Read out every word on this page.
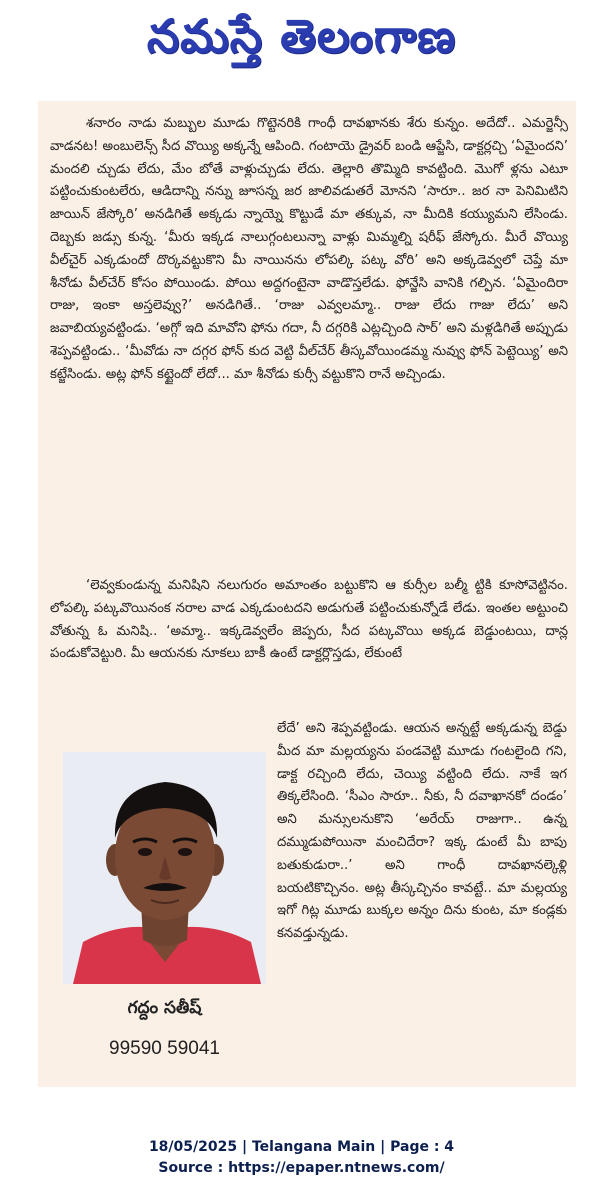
నమస్తే తెలంగాణ

శనారం నాడు మబ్బుల మూడు గొట్టెనరికి గాంధీ దావఖానకు శేరు కున్నం. అదేదో.. ఎమర్జెన్సీ వాడనట! అంబులెన్స్ సీద వొయ్యి అక్కన్నే ఆపింది. గంటాయె డ్రైవర్ బండి ఆప్జేసి, డాక్టర్లచ్చి ‘ఏమైందని’ మందలి చ్చుడు లేదు, మేం బోతే వాళ్లుచ్చుడు లేదు. తెల్లారి తొమ్మిది కావట్టింది. మొగో ళ్లను ఎటూ పట్టించుకుంటలేరు, ఆడిదాన్ని నన్ను జూసన్న జర జాలివడుతరే మోనని ‘సారూ.. జర నా పెనిమిటిని జాయిన్ జేస్కోరి’ అనడిగితే అక్కడు న్నాయ్నె కొట్టుడే మా తక్కువ, నా మీదికి కయ్యుమని లేసిండు. దెబ్బకు జడ్సు కున్న. ‘మీరు ఇక్కడ నాలుగ్గంటలున్నా వాళ్లు మిమ్మల్ని షరీఫ్ జేస్కోరు. మీరే వొయ్యి వీల్‌చైర్ ఎక్కడుందో దొర్కవట్టుకొని మీ నాయినను లోపల్కి పట్క వోరి’ అని అక్కడెవ్వలో చెప్తే మా శీనోడు వీల్‌చేర్ కోసం పోయిండు. పోయి అద్దగంటైనా వాడొస్తలేడు. ఫోన్జేసి వానికి గల్పిన. ‘ఏమైందిరా రాజు, ఇంకా అస్తలెవ్వు?’ అనడిగితే.. ‘రాజు ఎవ్వలమ్మా.. రాజు లేదు గాజు లేదు’ అని జవాబియ్యవట్టిండు. ‘అగ్గో ఇది మావోని ఫోను గదా, నీ దగ్గరికి ఎట్లచ్చింది సార్’ అని మళ్లడిగితే అప్పుడు శెప్పవట్టిండు.. ‘మీవోడు నా దగ్గర ఫోన్ కుద వెట్టి వీల్‌చేర్ తీస్కవోయిండమ్మ నువ్వు ఫోన్ పెట్టెయ్యి’ అని కట్జేసిండు. అట్ల ఫోన్ కట్టైందో లేదో... మా శీనోడు కుర్సీ వట్టుకొని రానే అచ్చిండు.

‘లెవ్వకుండున్న మనిషిని నలుగురం అమాంతం బట్టుకొని ఆ కుర్సీల బల్మీ ట్టికి కూసోవెట్టినం. లోపల్కి పట్కవొయినంక నరాల వాడ ఎక్కడుంటదని అడుగుతే పట్టించుకున్నోడే లేడు. ఇంతల అట్టుంచి వోతున్న ఓ మనిషి.. ‘అమ్మా.. ఇక్కడెవ్వలేం జెప్పరు, సీద పట్కవొయి అక్కడ బెడ్డుంటయి, దాన్ల పండుకోవెట్టురి. మీ ఆయనకు నూకలు బాకీ ఉంటే డాక్టర్లొస్తడు, లేకుంటే

లేదే’ అని శెప్పవట్టిండు. ఆయన అన్నట్టే అక్కడున్న బెడ్డు మీద మా మల్లయ్యను పండవెట్టి మూడు గంటలైంది గని, డాక్ట రచ్చింది లేదు, చెయ్యి వట్టింది లేదు. నాకే ఇగ తిక్కలేసింది. ‘సీఎం సారూ.. నీకు, నీ దవాఖానకో దండం’ అని మన్సులనుకొని ‘అరేయ్ రాజుగా.. ఉన్న దమ్ముడుపోయినా మంచిదేరా? ఇక్క డుంటే మీ బాపు బతుకుడురా..’ అని గాంధీ దావఖానల్కెళ్లి బయటికొచ్చినం. అట్ల తీస్కచ్చినం కావట్టే.. మా మల్లయ్య ఇగో గిట్ల మూడు బుక్కల అన్నం దిను కుంట, మా కండ్లకు కనవడ్తున్నడు.

గద్దం సతీష్
99590 59041
18/05/2025 | Telangana Main | Page : 4
Source : https://epaper.ntnews.com/
